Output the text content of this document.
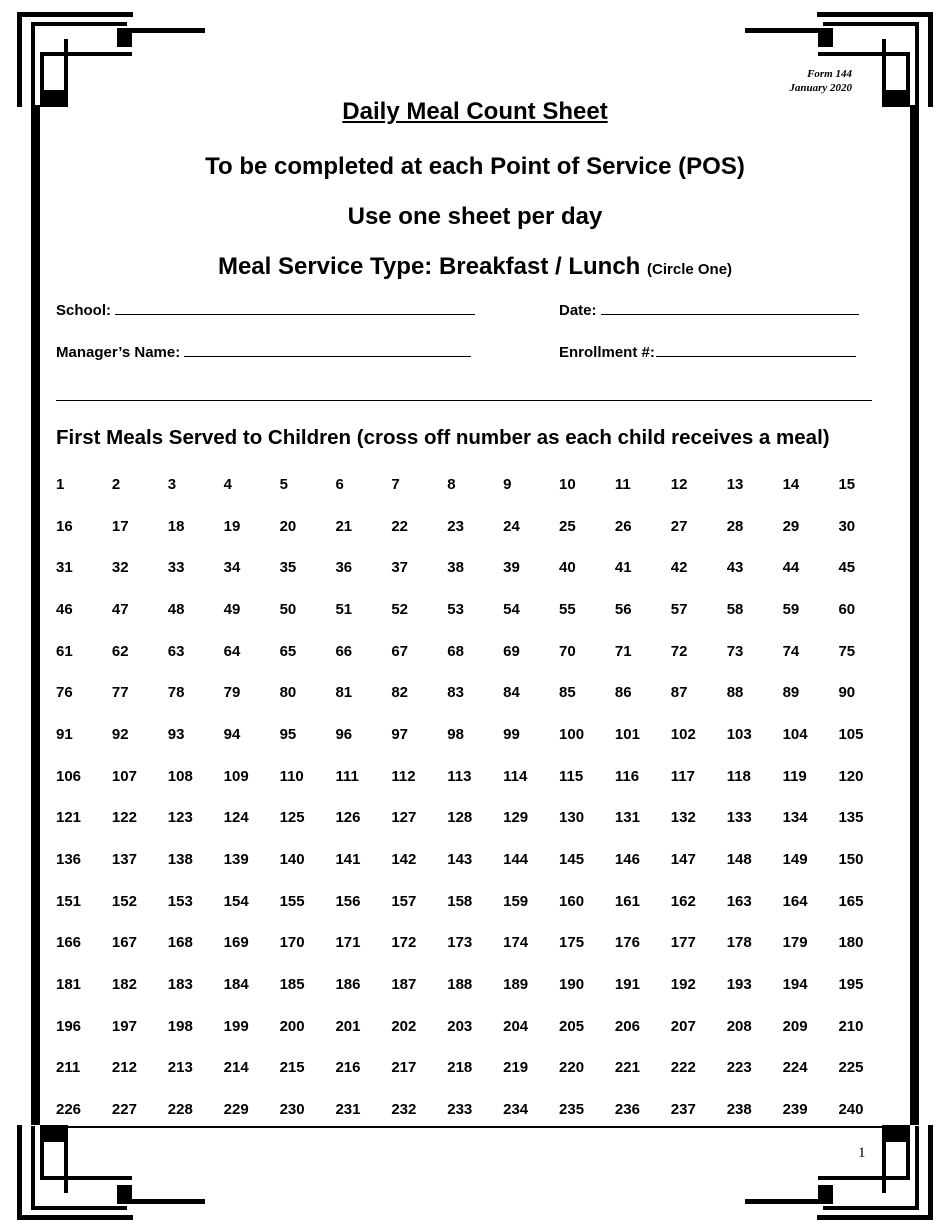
Form 144
January 2020
Daily Meal Count Sheet
To be completed at each Point of Service (POS)
Use one sheet per day
Meal Service Type: Breakfast / Lunch (Circle One)
School:	Date:
Manager’s Name:	Enrollment #:
First Meals Served to Children (cross off number as each child receives a meal)
1	2	3	4	5	6	7	8	9	10	11	12	13	14	15
16	17	18	19	20	21	22	23	24	25	26	27	28	29	30
31	32	33	34	35	36	37	38	39	40	41	42	43	44	45
46	47	48	49	50	51	52	53	54	55	56	57	58	59	60
61	62	63	64	65	66	67	68	69	70	71	72	73	74	75
76	77	78	79	80	81	82	83	84	85	86	87	88	89	90
91	92	93	94	95	96	97	98	99	100	101	102	103	104	105
106	107	108	109	110	111	112	113	114	115	116	117	118	119	120
121	122	123	124	125	126	127	128	129	130	131	132	133	134	135
136	137	138	139	140	141	142	143	144	145	146	147	148	149	150
151	152	153	154	155	156	157	158	159	160	161	162	163	164	165
166	167	168	169	170	171	172	173	174	175	176	177	178	179	180
181	182	183	184	185	186	187	188	189	190	191	192	193	194	195
196	197	198	199	200	201	202	203	204	205	206	207	208	209	210
211	212	213	214	215	216	217	218	219	220	221	222	223	224	225
226	227	228	229	230	231	232	233	234	235	236	237	238	239	240
1
